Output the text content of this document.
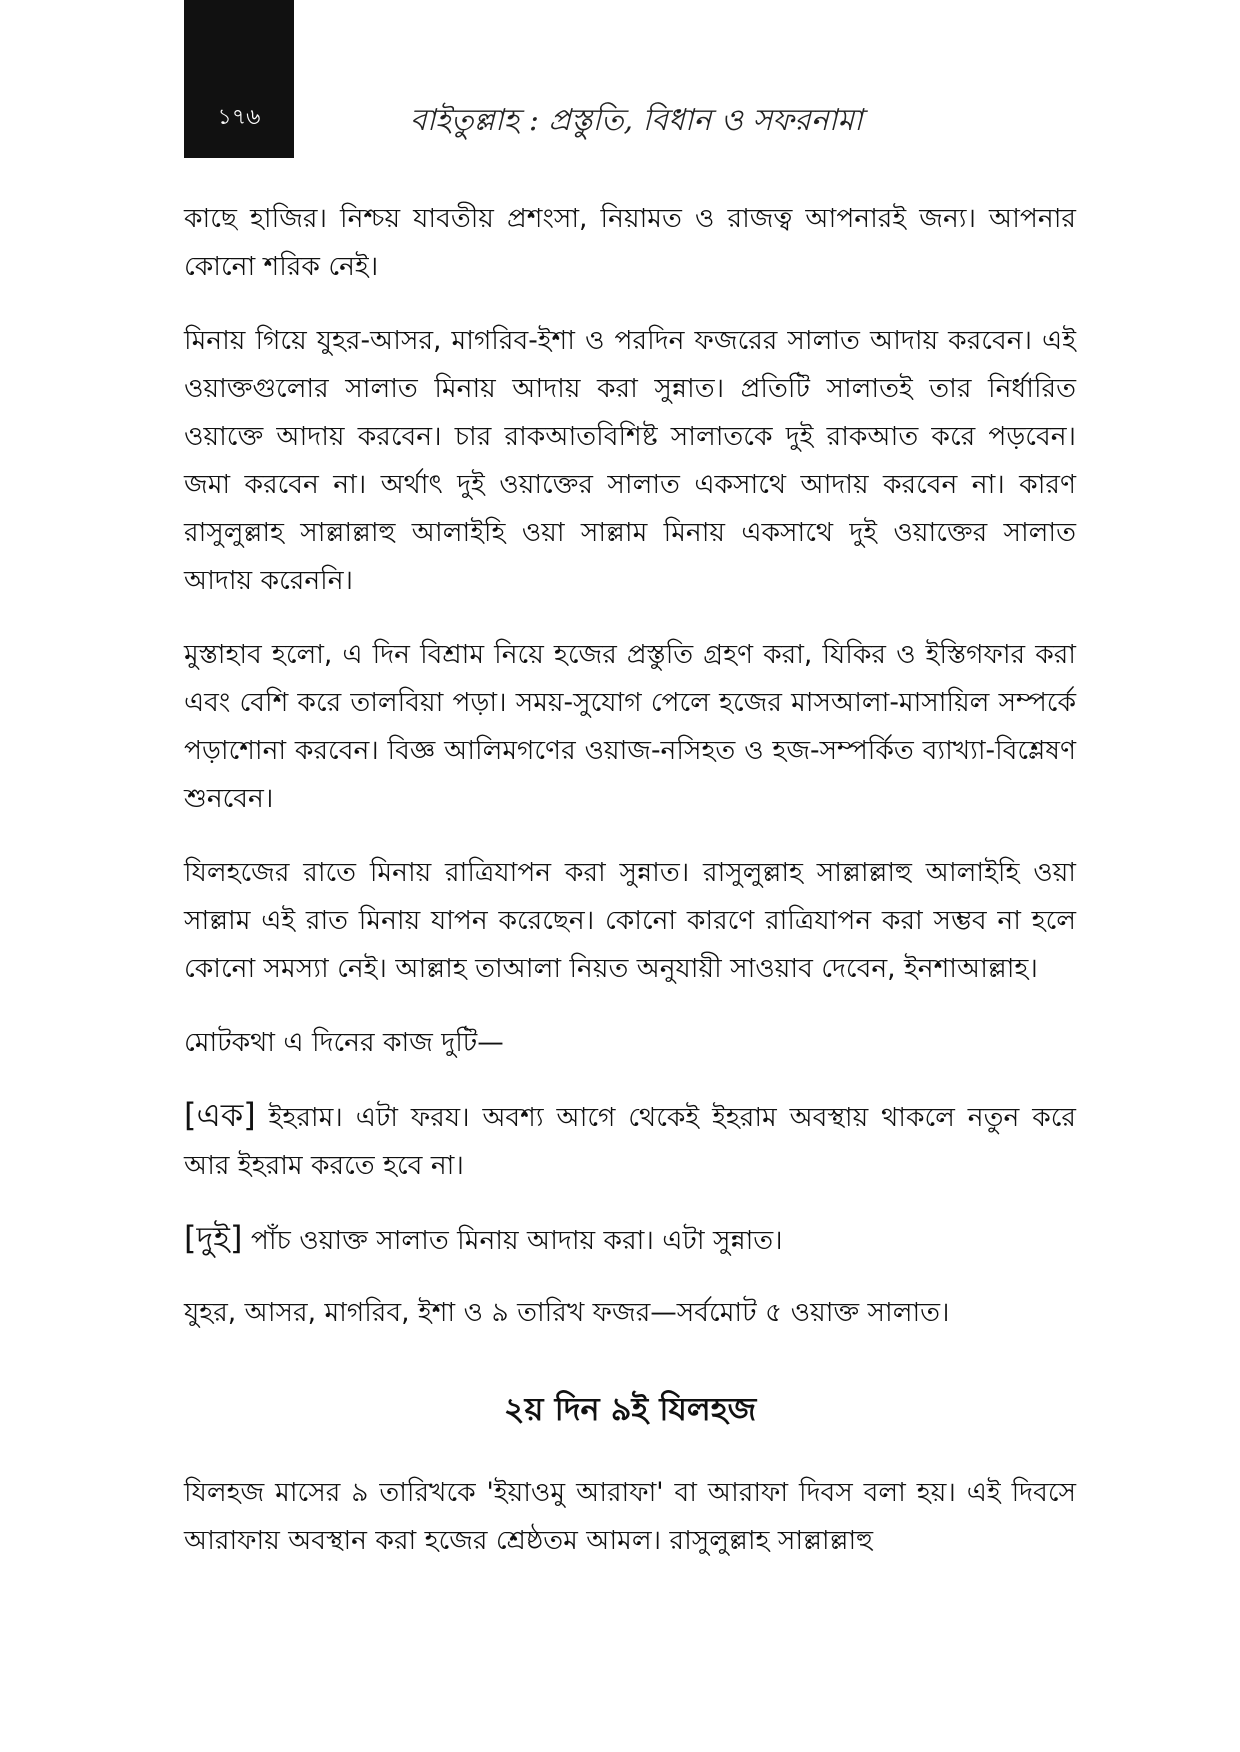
১৭৬	বাইতুল্লাহ : প্রস্তুতি, বিধান ও সফরনামা

কাছে হাজির। নিশ্চয় যাবতীয় প্রশংসা, নিয়ামত ও রাজত্ব আপনারই জন্য। আপনার কোনো শরিক নেই।

মিনায় গিয়ে যুহর-আসর, মাগরিব-ইশা ও পরদিন ফজরের সালাত আদায় করবেন। এই ওয়াক্তগুলোর সালাত মিনায় আদায় করা সুন্নাত। প্রতিটি সালাতই তার নির্ধারিত ওয়াক্তে আদায় করবেন। চার রাকআতবিশিষ্ট সালাতকে দুই রাকআত করে পড়বেন। জমা করবেন না। অর্থাৎ দুই ওয়াক্তের সালাত একসাথে আদায় করবেন না। কারণ রাসুলুল্লাহ সাল্লাল্লাহু আলাইহি ওয়া সাল্লাম মিনায় একসাথে দুই ওয়াক্তের সালাত আদায় করেননি।

মুস্তাহাব হলো, এ দিন বিশ্রাম নিয়ে হজের প্রস্তুতি গ্রহণ করা, যিকির ও ইস্তিগফার করা এবং বেশি করে তালবিয়া পড়া। সময়-সুযোগ পেলে হজের মাসআলা-মাসায়িল সম্পর্কে পড়াশোনা করবেন। বিজ্ঞ আলিমগণের ওয়াজ-নসিহত ও হজ-সম্পর্কিত ব্যাখ্যা-বিশ্লেষণ শুনবেন।

যিলহজের রাতে মিনায় রাত্রিযাপন করা সুন্নাত। রাসুলুল্লাহ সাল্লাল্লাহু আলাইহি ওয়া সাল্লাম এই রাত মিনায় যাপন করেছেন। কোনো কারণে রাত্রিযাপন করা সম্ভব না হলে কোনো সমস্যা নেই। আল্লাহ তাআলা নিয়ত অনুযায়ী সাওয়াব দেবেন, ইনশাআল্লাহ।

মোটকথা এ দিনের কাজ দুটি—

[এক] ইহরাম। এটা ফরয। অবশ্য আগে থেকেই ইহরাম অবস্থায় থাকলে নতুন করে আর ইহরাম করতে হবে না।

[দুই] পাঁচ ওয়াক্ত সালাত মিনায় আদায় করা। এটা সুন্নাত।

যুহর, আসর, মাগরিব, ইশা ও ৯ তারিখ ফজর—সর্বমোট ৫ ওয়াক্ত সালাত।

২য় দিন ৯ই যিলহজ

যিলহজ মাসের ৯ তারিখকে 'ইয়াওমু আরাফা' বা আরাফা দিবস বলা হয়। এই দিবসে আরাফায় অবস্থান করা হজের শ্রেষ্ঠতম আমল। রাসুলুল্লাহ সাল্লাল্লাহু
